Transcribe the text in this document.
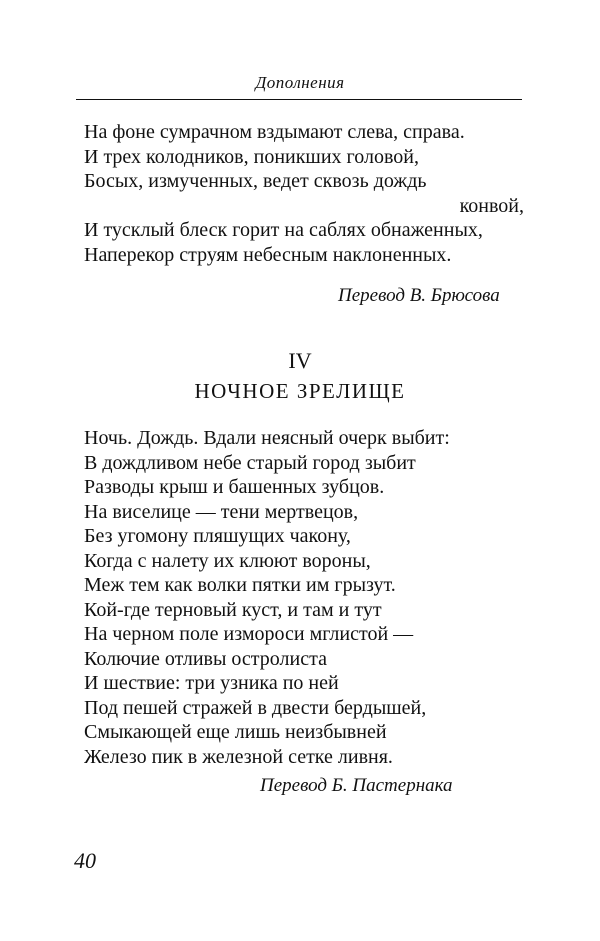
Дополнения
На фоне сумрачном вздымают слева, справа.
И трех колодников, поникших головой,
Босых, измученных, ведет сквозь дождь
конвой,
И тусклый блеск горит на саблях обнаженных,
Наперекор струям небесным наклоненных.
Перевод В. Брюсова
IV
НОЧНОЕ ЗРЕЛИЩЕ
Ночь. Дождь. Вдали неясный очерк выбит:
В дождливом небе старый город зыбит
Разводы крыш и башенных зубцов.
На виселице — тени мертвецов,
Без угомону пляшущих чакону,
Когда с налету их клюют вороны,
Меж тем как волки пятки им грызут.
Кой-где терновый куст, и там и тут
На черном поле измороси мглистой —
Колючие отливы остролиста
И шествие: три узника по ней
Под пешей стражей в двести бердышей,
Смыкающей еще лишь неизбывней
Железо пик в железной сетке ливня.
Перевод Б. Пастернака
40
